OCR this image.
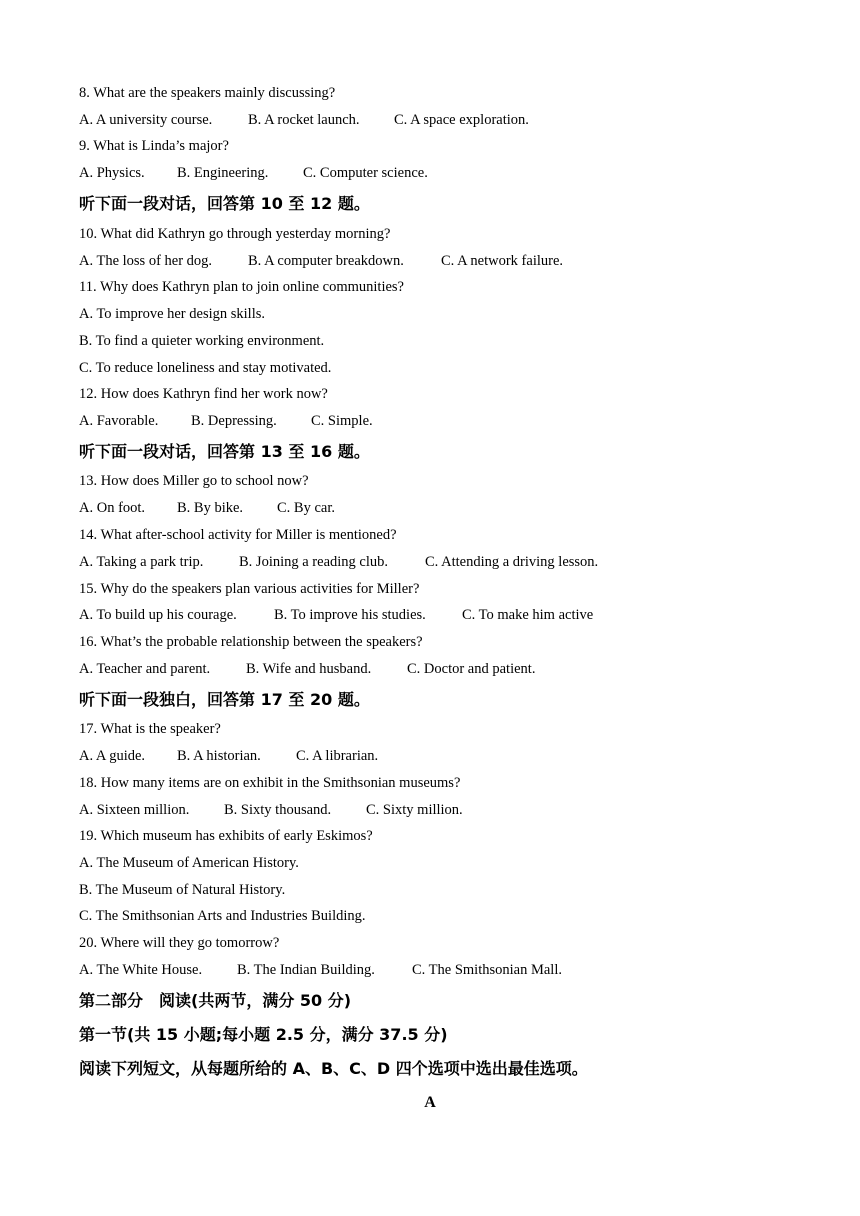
8. What are the speakers mainly discussing?

A. A university course.

B. A rocket launch.

C. A space exploration.

9. What is Linda’s major?

A. Physics.

B. Engineering.

C. Computer science.

听下面一段对话，回答第 10 至 12 题。
10. What did Kathryn go through yesterday morning?

A. The loss of her dog.

B. A computer breakdown.

	C. A network failure.

11. Why does Kathryn plan to join online communities?
A. To improve her design skills.
B. To find a quieter working environment.
C. To reduce loneliness and stay motivated.
12. How does Kathryn find her work now?

A. Favorable.

B. Depressing.

C. Simple.

听下面一段对话，回答第 13 至 16 题。
13. How does Miller go to school now?

A. On foot.

B. By bike.

C. By car.

14. What after-school activity for Miller is mentioned?

A. Taking a park trip.

B. Joining a reading club.

	C. Attending a driving lesson.

15. Why do the speakers plan various activities for Miller?

A. To build up his courage.

	B. To improve his studies.

C. To make him active

16. What’s the probable relationship between the speakers?

A. Teacher and parent.

B. Wife and husband.

C. Doctor and patient.

听下面一段独白，回答第 17 至 20 题。
17. What is the speaker?

A. A guide.

B. A historian.

C. A librarian.

18. How many items are on exhibit in the Smithsonian museums?

A. Sixteen million.

B. Sixty thousand.

C. Sixty million.

19. Which museum has exhibits of early Eskimos?
A. The Museum of American History.
B. The Museum of Natural History.
C. The Smithsonian Arts and Industries Building.
20. Where will they go tomorrow?

A. The White House.

B. The Indian Building.

	C. The Smithsonian Mall.

第二部分　阅读(共两节，满分 50 分)
第一节(共 15 小题;每小题 2.5 分，满分 37.5 分)
阅读下列短文，从每题所给的 A、B、C、D 四个选项中选出最佳选项。
A
